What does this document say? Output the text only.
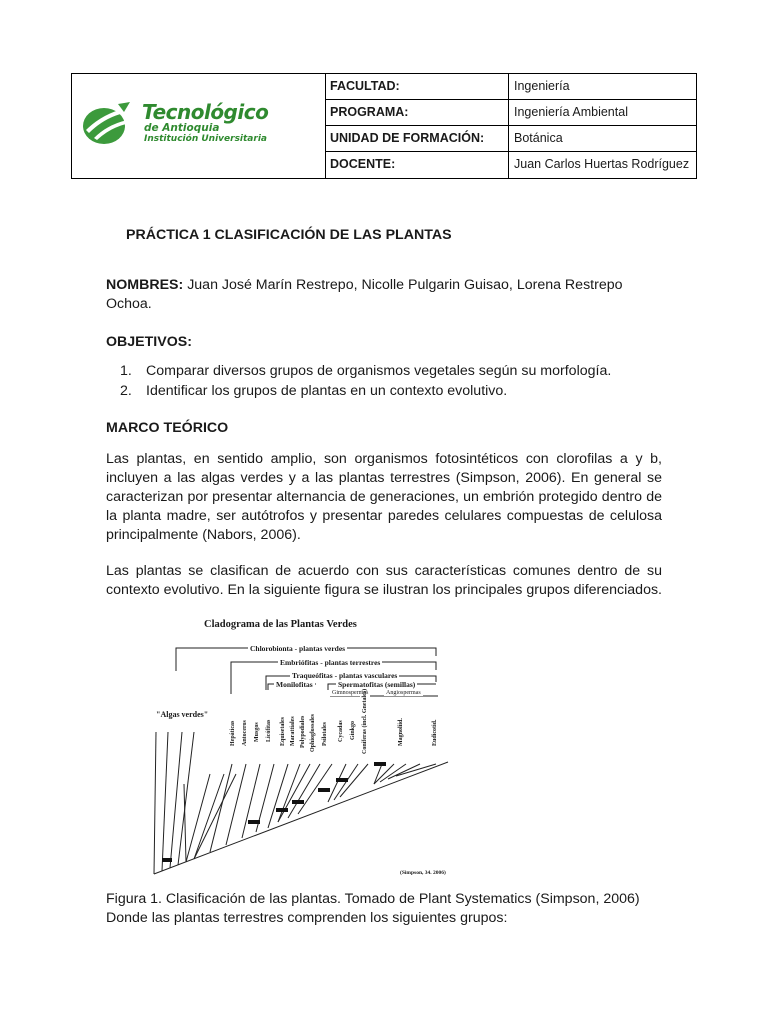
Tecnológico
de Antioquia
Institución Universitaria
FACULTAD:	Ingeniería
PROGRAMA:	Ingeniería Ambiental
UNIDAD DE FORMACIÓN: Botánica
DOCENTE:	Juan Carlos Huertas Rodríguez
PRÁCTICA 1 CLASIFICACIÓN DE LAS PLANTAS
NOMBRES: Juan José Marín Restrepo, Nicolle Pulgarin Guisao, Lorena Restrepo Ochoa.
OBJETIVOS:
1. Comparar diversos grupos de organismos vegetales según su morfología.
2. Identificar los grupos de plantas en un contexto evolutivo.
MARCO TEÓRICO
Las plantas, en sentido amplio, son organismos fotosintéticos con clorofilas a y b, incluyen a las algas verdes y a las plantas terrestres (Simpson, 2006). En general se caracterizan por presentar alternancia de generaciones, un embrión protegido dentro de la planta madre, ser autótrofos y presentar paredes celulares compuestas de celulosa principalmente (Nabors, 2006).
Las plantas se clasifican de acuerdo con sus características comunes dentro de su contexto evolutivo. En la siguiente figura se ilustran los principales grupos diferenciados.
Cladograma de las Plantas Verdes
Chlorobionta - plantas verdes
Embriófitas - plantas terrestres
Traqueófitas - plantas vasculares
Monilofitas	Spermatofitas (semillas)
Gimnospermas	Angiospermas
"Algas verdes"
Hepáticas Antoceros Musgos Licófitas Equisetales Marattiales Polypodiales Ophioglossales Psilotales Cycadas Ginkgo Coníferas (incl. Gnetales)	Magnoliid.	Eudicotid.
(Simpson, 34. 2006)
Figura 1. Clasificación de las plantas. Tomado de Plant Systematics (Simpson, 2006)
Donde las plantas terrestres comprenden los siguientes grupos:
